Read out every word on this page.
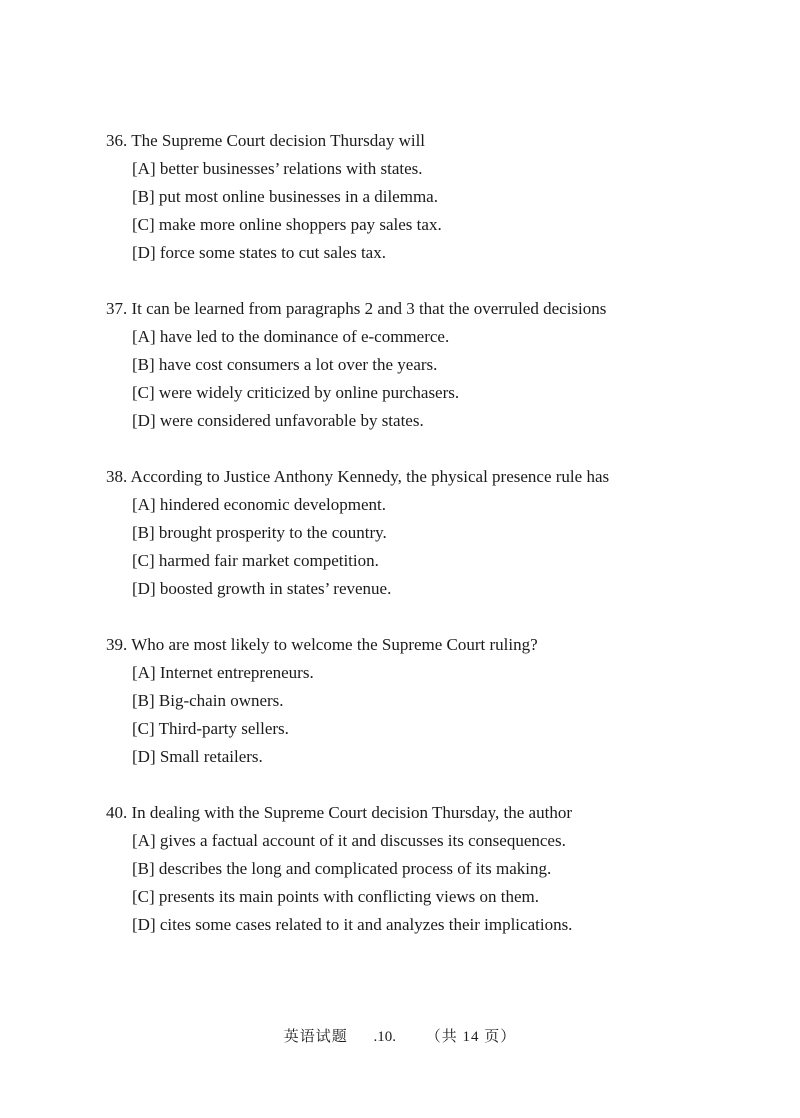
36. The Supreme Court decision Thursday will
[A] better businesses’ relations with states.
[B] put most online businesses in a dilemma.
[C] make more online shoppers pay sales tax.
[D] force some states to cut sales tax.
37. It can be learned from paragraphs 2 and 3 that the overruled decisions
[A] have led to the dominance of e-commerce.
[B] have cost consumers a lot over the years.
[C] were widely criticized by online purchasers.
[D] were considered unfavorable by states.
38. According to Justice Anthony Kennedy, the physical presence rule has
[A] hindered economic development.
[B] brought prosperity to the country.
[C] harmed fair market competition.
[D] boosted growth in states’ revenue.
39. Who are most likely to welcome the Supreme Court ruling?
[A] Internet entrepreneurs.
[B] Big-chain owners.
[C] Third-party sellers.
[D] Small retailers.
40. In dealing with the Supreme Court decision Thursday, the author
[A] gives a factual account of it and discusses its consequences.
[B] describes the long and complicated process of its making.
[C] presents its main points with conflicting views on them.
[D] cites some cases related to it and analyzes their implications.
英语试题 .10. （共 14 页）
